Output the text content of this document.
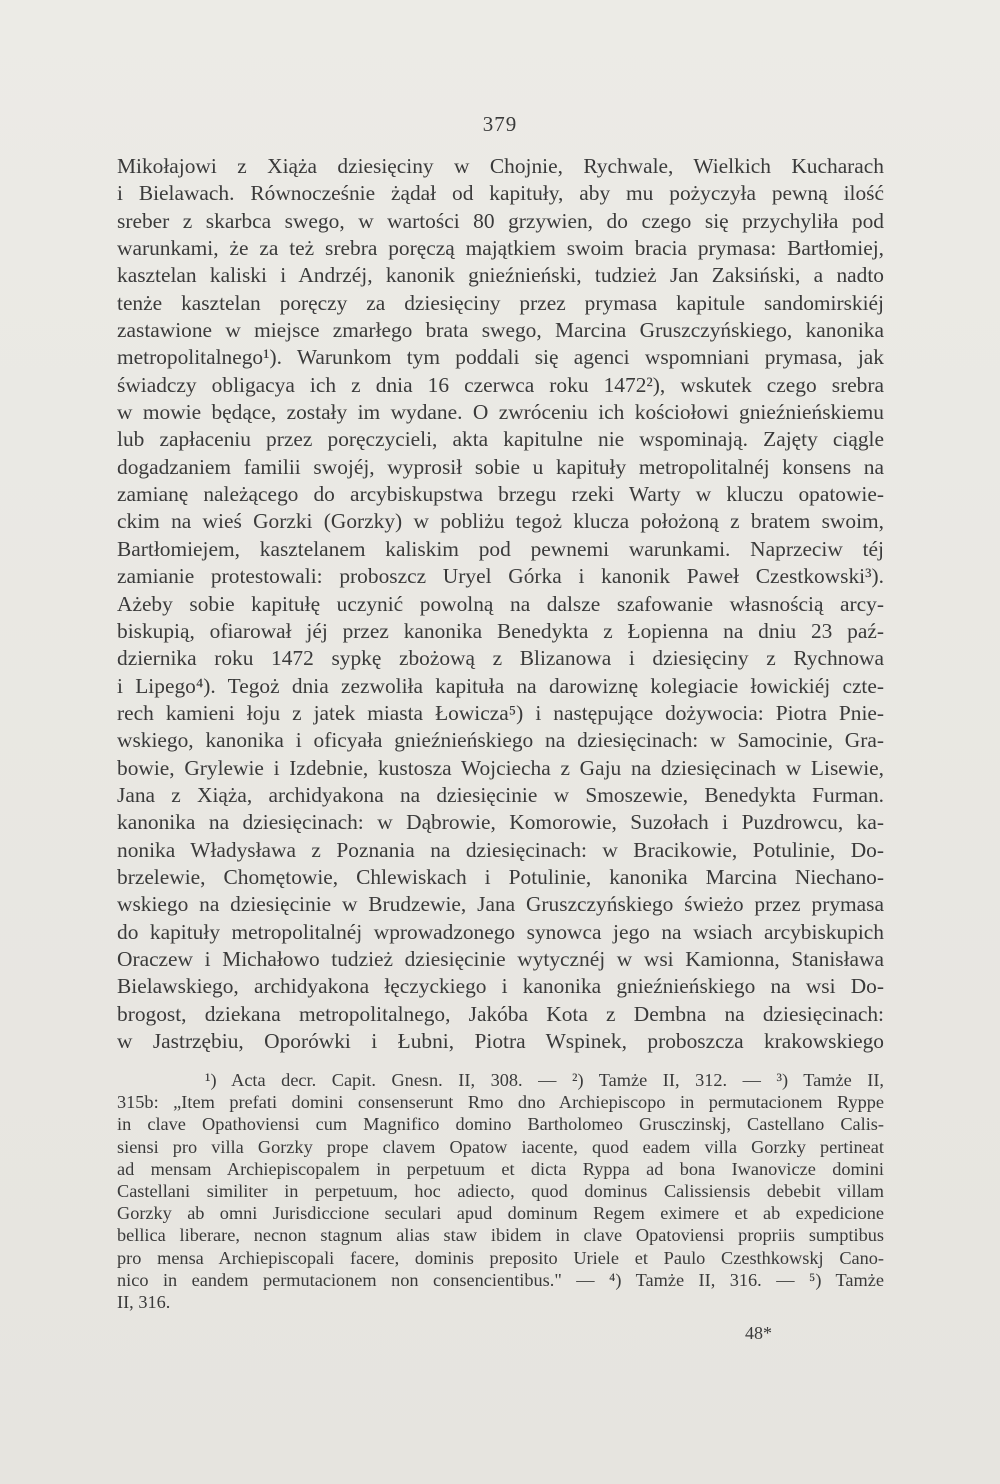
379
Mikołajowi z Xiąża dziesięciny w Chojnie, Rychwale, Wielkich Kucharach
i Bielawach. Równocześnie żądał od kapituły, aby mu pożyczyła pewną ilość
sreber z skarbca swego, w wartości 80 grzywien, do czego się przychyliła pod
warunkami, że za też srebra poręczą majątkiem swoim bracia prymasa: Bartłomiej,
kasztelan kaliski i Andrzéj, kanonik gnieźnieński, tudzież Jan Zaksiński, a nadto
tenże kasztelan poręczy za dziesięciny przez prymasa kapitule sandomirskiéj
zastawione w miejsce zmarłego brata swego, Marcina Gruszczyńskiego, kanonika
metropolitalnego¹). Warunkom tym poddali się agenci wspomniani prymasa, jak
świadczy obligacya ich z dnia 16 czerwca roku 1472²), wskutek czego srebra
w mowie będące, zostały im wydane. O zwróceniu ich kościołowi gnieźnieńskiemu
lub zapłaceniu przez poręczycieli, akta kapitulne nie wspominają. Zajęty ciągle
dogadzaniem familii swojéj, wyprosił sobie u kapituły metropolitalnéj konsens na
zamianę należącego do arcybiskupstwa brzegu rzeki Warty w kluczu opatowie-
ckim na wieś Gorzki (Gorzky) w pobliżu tegoż klucza położoną z bratem swoim,
Bartłomiejem, kasztelanem kaliskim pod pewnemi warunkami. Naprzeciw téj
zamianie protestowali: proboszcz Uryel Górka i kanonik Paweł Czestkowski³).
Ażeby sobie kapitułę uczynić powolną na dalsze szafowanie własnością arcy-
biskupią, ofiarował jéj przez kanonika Benedykta z Łopienna na dniu 23 paź-
dziernika roku 1472 sypkę zbożową z Blizanowa i dziesięciny z Rychnowa
i Lipego⁴). Tegoż dnia zezwoliła kapituła na darowiznę kolegiacie łowickiéj czte-
rech kamieni łoju z jatek miasta Łowicza⁵) i następujące dożywocia: Piotra Pnie-
wskiego, kanonika i oficyała gnieźnieńskiego na dziesięcinach: w Samocinie, Gra-
bowie, Grylewie i Izdebnie, kustosza Wojciecha z Gaju na dziesięcinach w Lisewie,
Jana z Xiąża, archidyakona na dziesięcinie w Smoszewie, Benedykta Furman.
kanonika na dziesięcinach: w Dąbrowie, Komorowie, Suzołach i Puzdrowcu, ka-
nonika Władysława z Poznania na dziesięcinach: w Bracikowie, Potulinie, Do-
brzelewie, Chomętowie, Chlewiskach i Potulinie, kanonika Marcina Niechano-
wskiego na dziesięcinie w Brudzewie, Jana Gruszczyńskiego świeżo przez prymasa
do kapituły metropolitalnéj wprowadzonego synowca jego na wsiach arcybiskupich
Oraczew i Michałowo tudzież dziesięcinie wytycznéj w wsi Kamionna, Stanisława
Bielawskiego, archidyakona łęczyckiego i kanonika gnieźnieńskiego na wsi Do-
brogost, dziekana metropolitalnego, Jakóba Kota z Dembna na dziesięcinach:
w Jastrzębiu, Oporówki i Łubni, Piotra Wspinek, proboszcza krakowskiego
¹) Acta decr. Capit. Gnesn. II, 308. — ²) Tamże II, 312. — ³) Tamże II,
315b: „Item prefati domini consenserunt Rmo dno Archiepiscopo in permutacionem Ryppe
in clave Opathoviensi cum Magnifico domino Bartholomeo Grusczinskj, Castellano Calis-
siensi pro villa Gorzky prope clavem Opatow iacente, quod eadem villa Gorzky pertineat
ad mensam Archiepiscopalem in perpetuum et dicta Ryppa ad bona Iwanovicze domini
Castellani similiter in perpetuum, hoc adiecto, quod dominus Calissiensis debebit villam
Gorzky ab omni Jurisdiccione seculari apud dominum Regem eximere et ab expedicione
bellica liberare, necnon stagnum alias staw ibidem in clave Opatoviensi propriis sumptibus
pro mensa Archiepiscopali facere, dominis preposito Uriele et Paulo Czesthkowskj Cano-
nico in eandem permutacionem non consencientibus." — ⁴) Tamże II, 316. — ⁵) Tamże
II, 316.
48*
